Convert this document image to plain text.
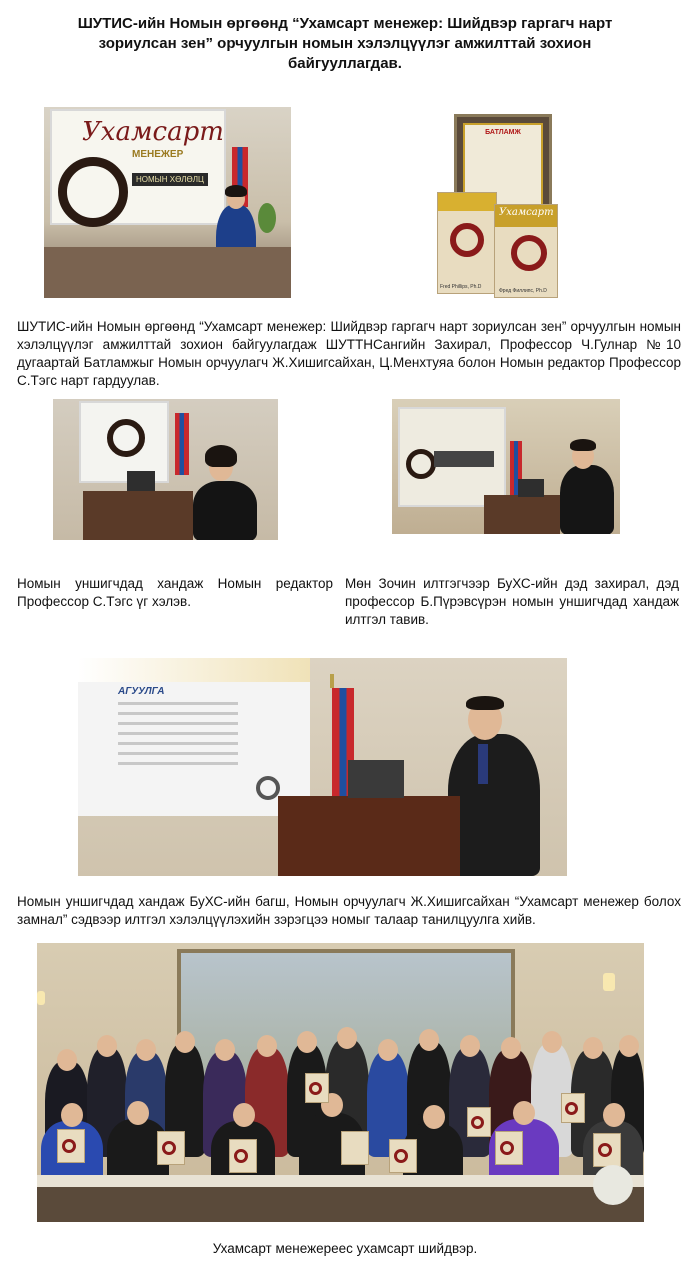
ШУТИС-ийн Номын өргөөнд “Ухамсарт менежер: Шийдвэр гаргагч нарт зориулсан зен” орчуулгын номын хэлэлцүүлэг амжилттай зохион байгууллагдав.
Ухамсарт
МЕНЕЖЕР
НОМЫН ХӨЛӨЛЦ
БАТЛАМЖ
Fred Phillips, Ph.D
Ухамсарт
Фред Филлипс, Ph.D
ШУТИС-ийн Номын өргөөнд “Ухамсарт менежер: Шийдвэр гаргагч нарт зориулсан зен” орчуулгын номын хэлэлцүүлэг амжилттай зохион байгуулагдаж ШУТТНСангийн Захирал, Профессор Ч.Гулнар №10 дугаартай Батламжыг Номын орчуулагч Ж.Хишигсайхан, Ц.Менхтуяа болон Номын редактор Профессор С.Тэгс нарт гардуулав.
Номын уншигчдад хандаж Номын редактор Профессор С.Тэгс үг хэлэв.
Мөн Зочин илтгэгчээр БуХС-ийн дэд захирал, дэд профессор Б.Пүрэвсүрэн номын уншигчдад хандаж илтгэл тавив.
АГУУЛГА
Номын уншигчдад хандаж БуХС-ийн багш, Номын орчуулагч Ж.Хишигсайхан “Ухамсарт менежер болох замнал” сэдвээр илтгэл хэлэлцүүлэхийн зэрэгцээ номыг талаар танилцуулга хийв.
Ухамсарт менежереес ухамсарт шийдвэр.
